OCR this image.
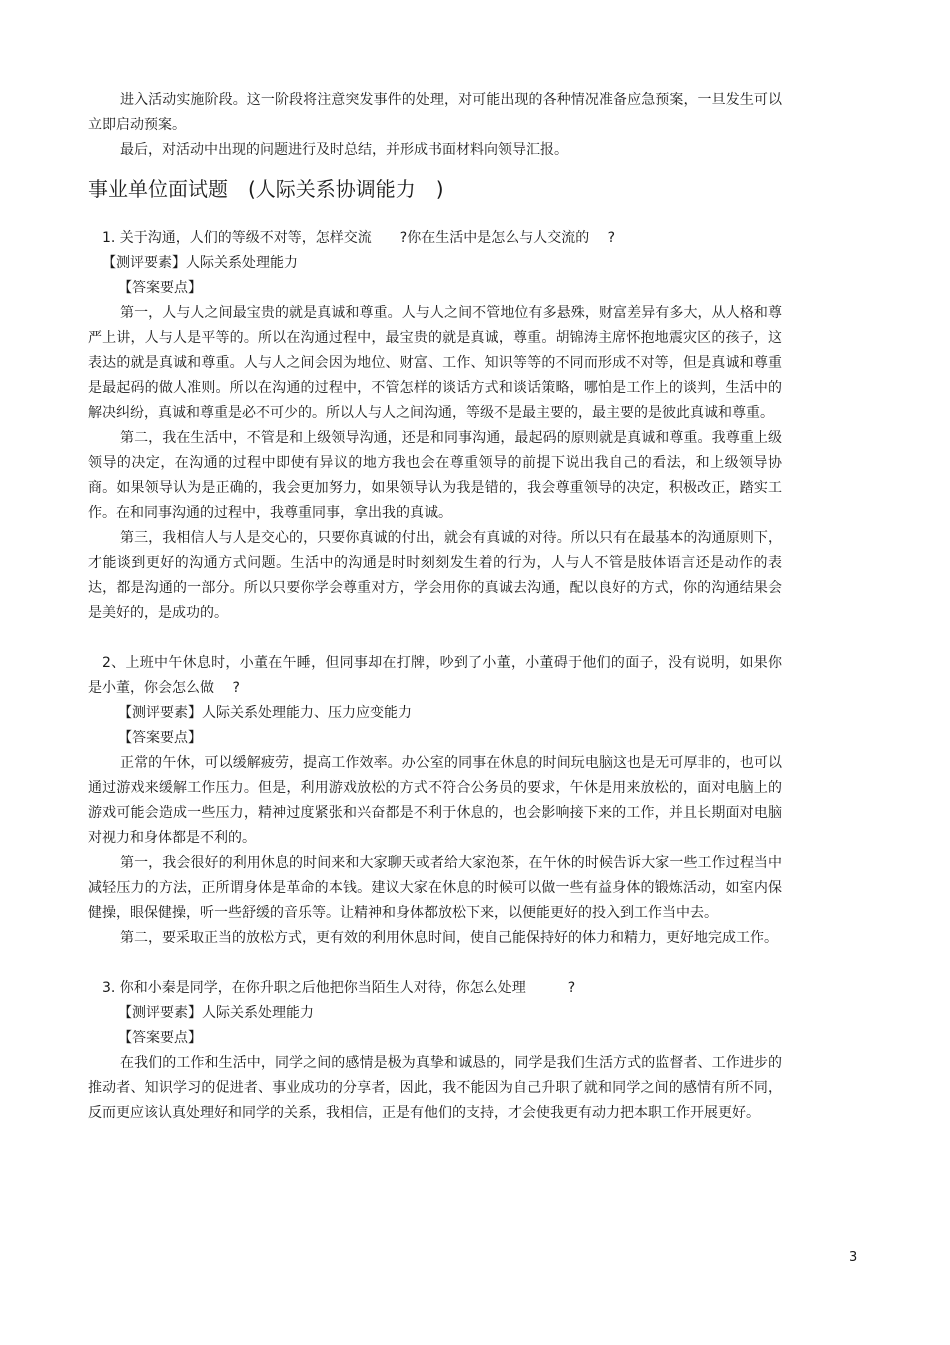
进入活动实施阶段。这一阶段将注意突发事件的处理，对可能出现的各种情况准备应急预案，一旦发生可以立即启动预案。

最后，对活动中出现的问题进行及时总结，并形成书面材料向领导汇报。

事业单位面试题　(人际关系协调能力　)

1. 关于沟通，人们的等级不对等，怎样交流　　?你在生活中是怎么与人交流的　 ?

【测评要素】人际关系处理能力

【答案要点】

第一，人与人之间最宝贵的就是真诚和尊重。人与人之间不管地位有多悬殊，财富差异有多大，从人格和尊严上讲，人与人是平等的。所以在沟通过程中，最宝贵的就是真诚，尊重。胡锦涛主席怀抱地震灾区的孩子，这表达的就是真诚和尊重。人与人之间会因为地位、财富、工作、知识等等的不同而形成不对等，但是真诚和尊重是最起码的做人准则。所以在沟通的过程中，不管怎样的谈话方式和谈话策略，哪怕是工作上的谈判，生活中的解决纠纷，真诚和尊重是必不可少的。所以人与人之间沟通，等级不是最主要的，最主要的是彼此真诚和尊重。

第二，我在生活中，不管是和上级领导沟通，还是和同事沟通，最起码的原则就是真诚和尊重。我尊重上级领导的决定，在沟通的过程中即使有异议的地方我也会在尊重领导的前提下说出我自己的看法，和上级领导协商。如果领导认为是正确的，我会更加努力，如果领导认为我是错的，我会尊重领导的决定，积极改正，踏实工作。在和同事沟通的过程中，我尊重同事，拿出我的真诚。

第三，我相信人与人是交心的，只要你真诚的付出，就会有真诚的对待。所以只有在最基本的沟通原则下，才能谈到更好的沟通方式问题。生活中的沟通是时时刻刻发生着的行为，人与人不管是肢体语言还是动作的表达，都是沟通的一部分。所以只要你学会尊重对方，学会用你的真诚去沟通，配以良好的方式，你的沟通结果会是美好的，是成功的。

2、上班中午休息时，小董在午睡，但同事却在打牌，吵到了小董，小董碍于他们的面子，没有说明，如果你是小董，你会怎么做　 ?

【测评要素】人际关系处理能力、压力应变能力

【答案要点】

正常的午休，可以缓解疲劳，提高工作效率。办公室的同事在休息的时间玩电脑这也是无可厚非的，也可以通过游戏来缓解工作压力。但是，利用游戏放松的方式不符合公务员的要求，午休是用来放松的，面对电脑上的游戏可能会造成一些压力，精神过度紧张和兴奋都是不利于休息的，也会影响接下来的工作，并且长期面对电脑对视力和身体都是不利的。

第一，我会很好的利用休息的时间来和大家聊天或者给大家泡茶，在午休的时候告诉大家一些工作过程当中减轻压力的方法，正所谓身体是革命的本钱。建议大家在休息的时候可以做一些有益身体的锻炼活动，如室内保健操，眼保健操，听一些舒缓的音乐等。让精神和身体都放松下来，以便能更好的投入到工作当中去。

第二，要采取正当的放松方式，更有效的利用休息时间，使自己能保持好的体力和精力，更好地完成工作。

3. 你和小秦是同学，在你升职之后他把你当陌生人对待，你怎么处理　　　?

【测评要素】人际关系处理能力

【答案要点】

在我们的工作和生活中，同学之间的感情是极为真挚和诚恳的，同学是我们生活方式的监督者、工作进步的推动者、知识学习的促进者、事业成功的分享者，因此，我不能因为自己升职了就和同学之间的感情有所不同，反而更应该认真处理好和同学的关系，我相信，正是有他们的支持，才会使我更有动力把本职工作开展更好。

3
